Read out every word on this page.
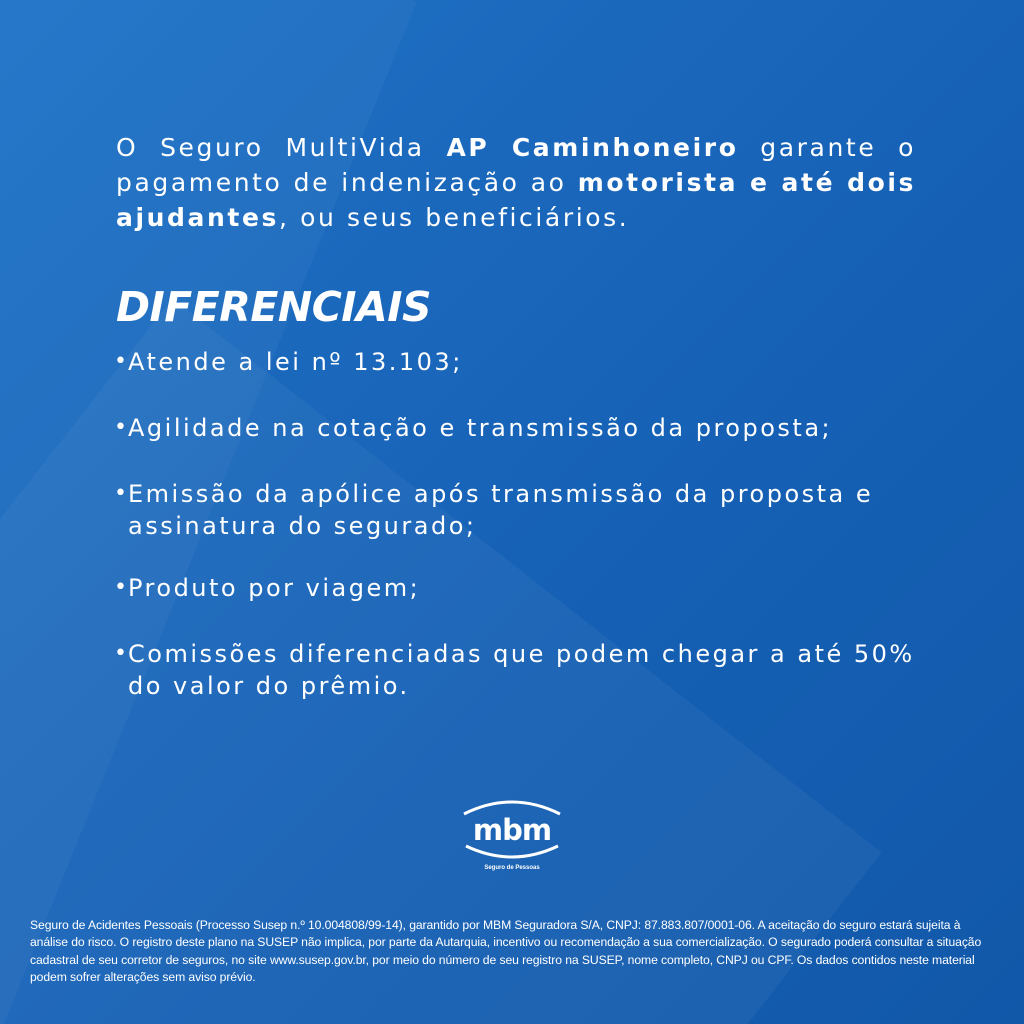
O Seguro MultiVida AP Caminhoneiro garante o pagamento de indenização ao motorista e até dois ajudantes, ou seus beneficiários.

DIFERENCIAIS
•
Atende a lei nº 13.103;
•
Agilidade na cotação e transmissão da proposta;
•
Emissão da apólice após transmissão da proposta e assinatura do segurado;
•
Produto por viagem;
•
Comissões diferenciadas que podem chegar a até 50% do valor do prêmio.
mbm
Seguro de Pessoas

Seguro de Acidentes Pessoais (Processo Susep n.º 10.004808/99-14), garantido por MBM Seguradora S/A, CNPJ: 87.883.807/0001-06. A aceitação do seguro estará sujeita à análise do risco. O registro deste plano na SUSEP não implica, por parte da Autarquia, incentivo ou recomendação a sua comercialização. O segurado poderá consultar a situação cadastral de seu corretor de seguros, no site www.susep.gov.br, por meio do número de seu registro na SUSEP, nome completo, CNPJ ou CPF. Os dados contidos neste material podem sofrer alterações sem aviso prévio.
